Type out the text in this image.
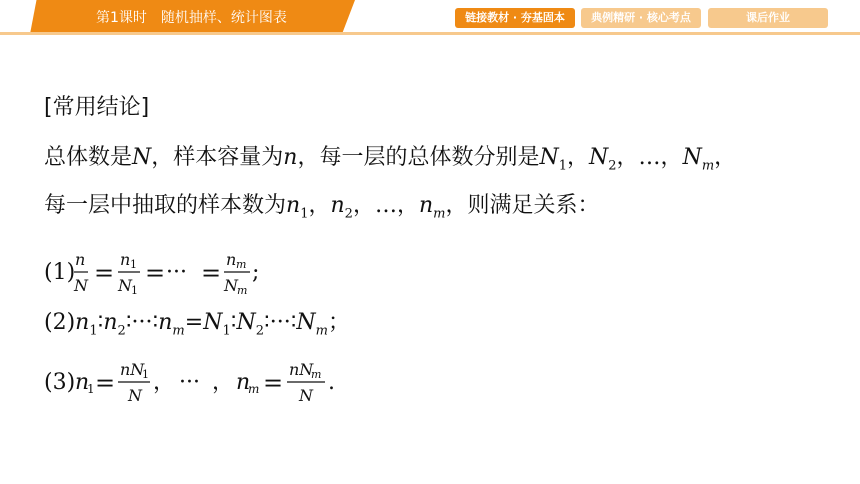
第1课时　随机抽样、统计图表	链接教材 · 夯基固本	典例精研 · 核心考点	课后作业
[常用结论]
总体数是N，样本容量为n，每一层的总体数分别是$N_1$，$N_2$，…，$N_m$，
每一层中抽取的样本数为$n_1$，$n_2$，…，$n_m$，则满足关系：
(1)
n
N = n 1
N 1
= ··· = n m
N m
;
$(2)n_1∶n_2∶\cdot\cdot\cdot∶n_m=N_1∶N_2∶\cdot\cdot\cdot∶N_m$；
(3) n
1 = nN
1
N
， ··· ， n
m = nN
m
N
.
